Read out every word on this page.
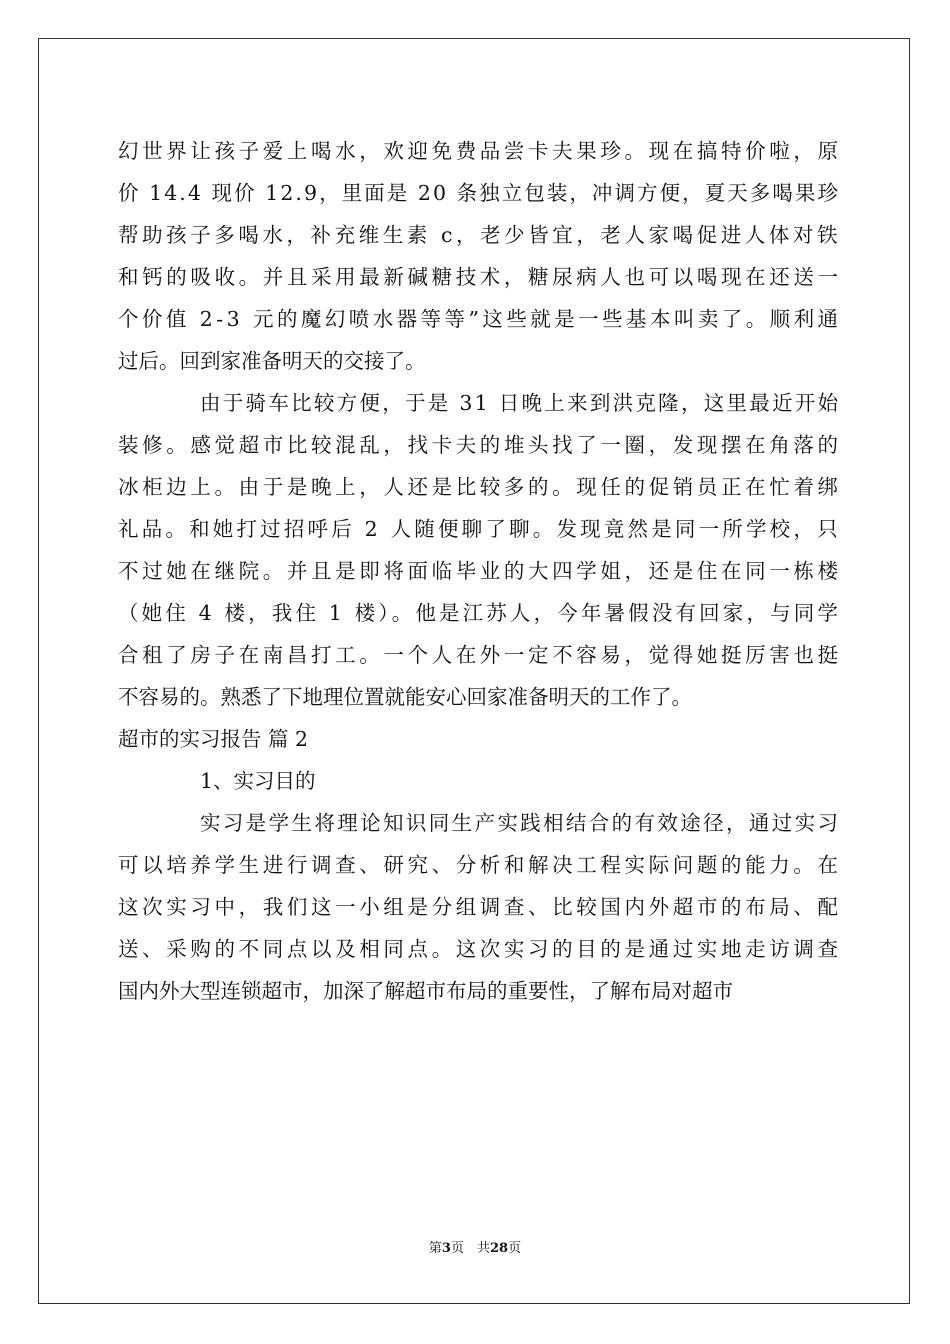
幻世界让孩子爱上喝水，欢迎免费品尝卡夫果珍。现在搞特价啦，原
价 14.4 现价 12.9，里面是 20 条独立包装，冲调方便，夏天多喝果珍
帮助孩子多喝水，补充维生素 c，老少皆宜，老人家喝促进人体对铁
和钙的吸收。并且采用最新碱糖技术，糖尿病人也可以喝现在还送一
个价值 2-3 元的魔幻喷水器等等”这些就是一些基本叫卖了。顺利通
过后。回到家准备明天的交接了。
由于骑车比较方便，于是 31 日晚上来到洪克隆，这里最近开始
装修。感觉超市比较混乱，找卡夫的堆头找了一圈，发现摆在角落的
冰柜边上。由于是晚上，人还是比较多的。现任的促销员正在忙着绑
礼品。和她打过招呼后 2 人随便聊了聊。发现竟然是同一所学校，只
不过她在继院。并且是即将面临毕业的大四学姐，还是住在同一栋楼
（她住 4 楼，我住 1 楼）。他是江苏人，今年暑假没有回家，与同学
合租了房子在南昌打工。一个人在外一定不容易，觉得她挺厉害也挺
不容易的。熟悉了下地理位置就能安心回家准备明天的工作了。
超市的实习报告 篇 2
1、实习目的
实习是学生将理论知识同生产实践相结合的有效途径，通过实习
可以培养学生进行调查、研究、分析和解决工程实际问题的能力。在
这次实习中，我们这一小组是分组调查、比较国内外超市的布局、配
送、采购的不同点以及相同点。这次实习的目的是通过实地走访调查
国内外大型连锁超市，加深了解超市布局的重要性，了解布局对超市
第3页　共28页
